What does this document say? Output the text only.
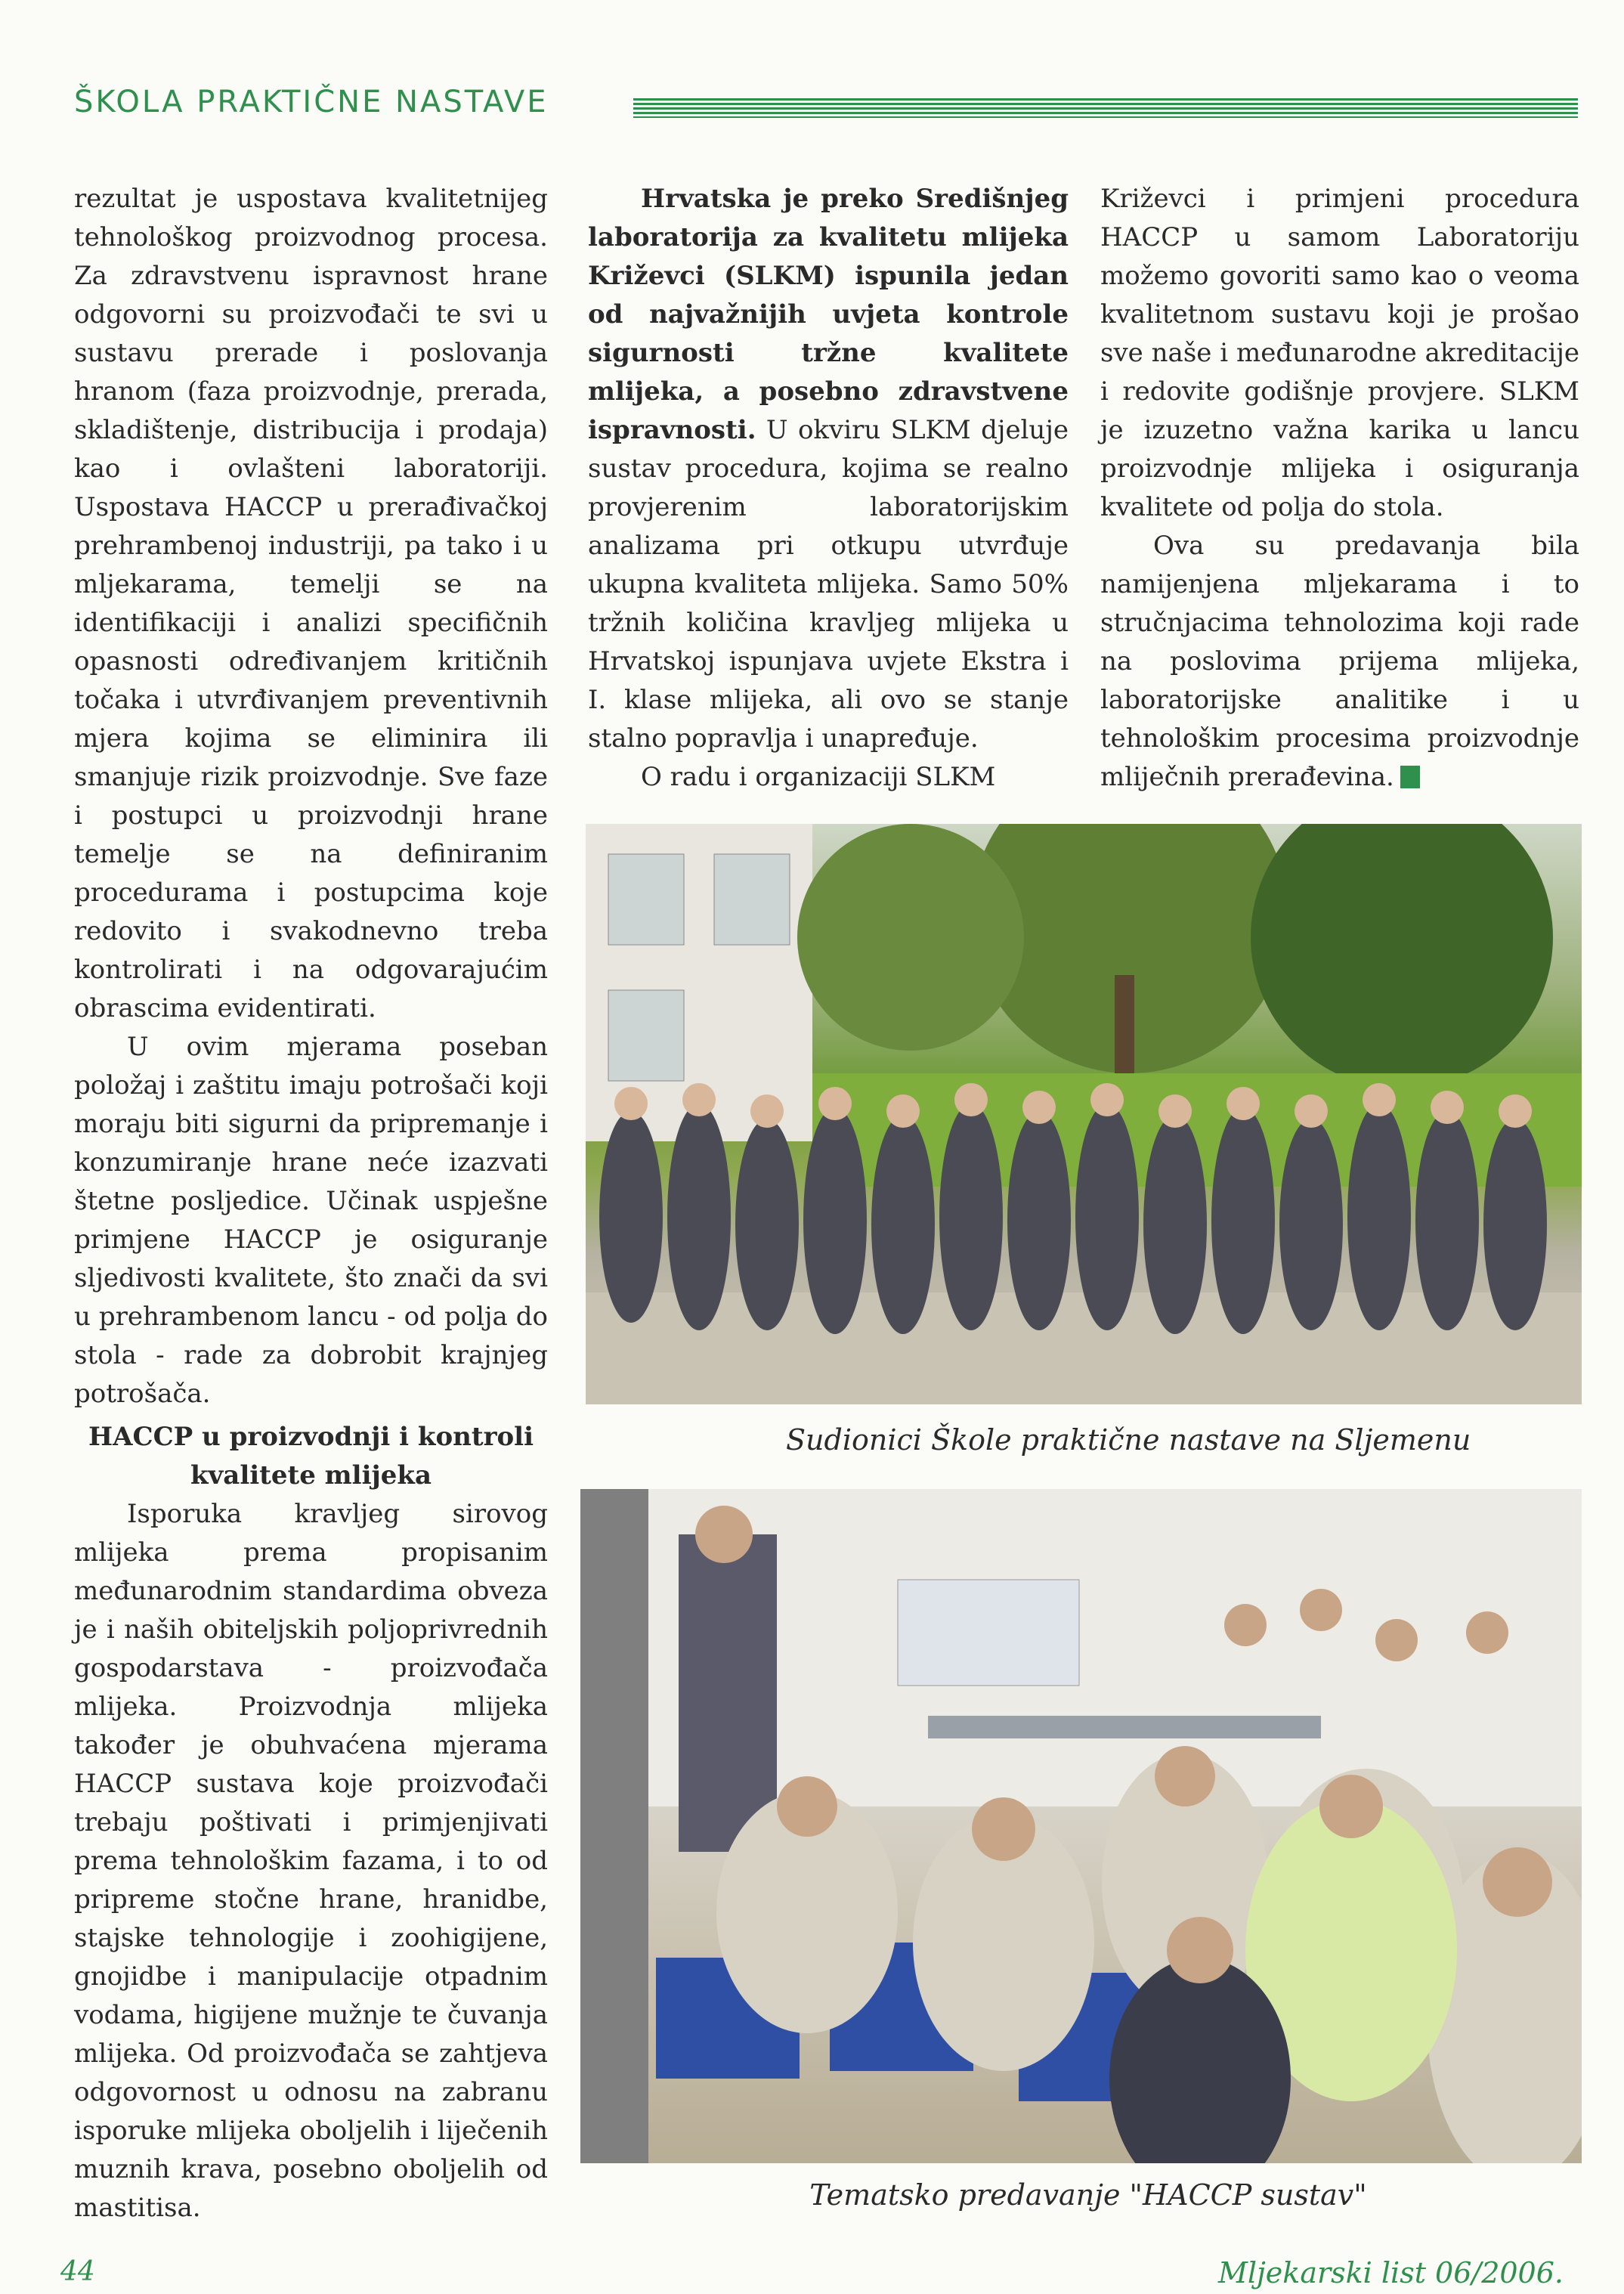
ŠKOLA PRAKTIČNE NASTAVE

rezultat je uspostava kvalitetnijeg tehnološkog proizvodnog procesa. Za zdravstvenu ispravnost hrane odgovorni su proizvođači te svi u sustavu prerade i poslovanja hranom (faza proizvodnje, prerada, skladištenje, distribucija i prodaja) kao i ovlašteni laboratoriji. Uspostava HACCP u prerađivačkoj prehrambenoj industriji, pa tako i u mljekarama, temelji se na identifikaciji i analizi specifičnih opasnosti određivanjem kritičnih točaka i utvrđivanjem preventivnih mjera kojima se eliminira ili smanjuje rizik proizvodnje. Sve faze i postupci u proizvodnji hrane temelje se na definiranim procedurama i postupcima koje redovito i svakodnevno treba kontrolirati i na odgovarajućim obrascima evidentirati.

U ovim mjerama poseban položaj i zaštitu imaju potrošači koji moraju biti sigurni da pripremanje i konzumiranje hrane neće izazvati štetne posljedice. Učinak uspješne primjene HACCP je osiguranje sljedivosti kvalitete, što znači da svi u prehrambenom lancu - od polja do stola - rade za dobrobit krajnjeg potrošača.

HACCP u proizvodnji i kontroli kvalitete mlijeka

Isporuka kravljeg sirovog mlijeka prema propisanim međunarodnim standardima obveza je i naših obiteljskih poljoprivrednih gospodarstava - proizvođača mlijeka. Proizvodnja mlijeka također je obuhvaćena mjerama HACCP sustava koje proizvođači trebaju poštivati i primjenjivati prema tehnološkim fazama, i to od pripreme stočne hrane, hranidbe, stajske tehnologije i zoohigijene, gnojidbe i manipulacije otpadnim vodama, higijene mužnje te čuvanja mlijeka. Od proizvođača se zahtjeva odgovornost u odnosu na zabranu isporuke mlijeka oboljelih i liječenih muznih krava, posebno oboljelih od mastitisa.

Hrvatska je preko Središnjeg laboratorija za kvalitetu mlijeka Križevci (SLKM) ispunila jedan od najvažnijih uvjeta kontrole sigurnosti tržne kvalitete mlijeka, a posebno zdravstvene ispravnosti. U okviru SLKM djeluje sustav procedura, kojima se realno provjerenim laboratorijskim analizama pri otkupu utvrđuje ukupna kvaliteta mlijeka. Samo 50% tržnih količina kravljeg mlijeka u Hrvatskoj ispunjava uvjete Ekstra i I. klase mlijeka, ali ovo se stanje stalno popravlja i unapređuje.

O radu i organizaciji SLKM

Križevci i primjeni procedura HACCP u samom Laboratoriju možemo govoriti samo kao o veoma kvalitetnom sustavu koji je prošao sve naše i međunarodne akreditacije i redovite godišnje provjere. SLKM je izuzetno važna karika u lancu proizvodnje mlijeka i osiguranja kvalitete od polja do stola.

Ova su predavanja bila namijenjena mljekarama i to stručnjacima tehnolozima koji rade na poslovima prijema mlijeka, laboratorijske analitike i u tehnološkim procesima proizvodnje mliječnih prerađevina.

Sudionici Škole praktične nastave na Sljemenu
Tematsko predavanje "HACCP sustav"
44	Mljekarski list 06/2006.
